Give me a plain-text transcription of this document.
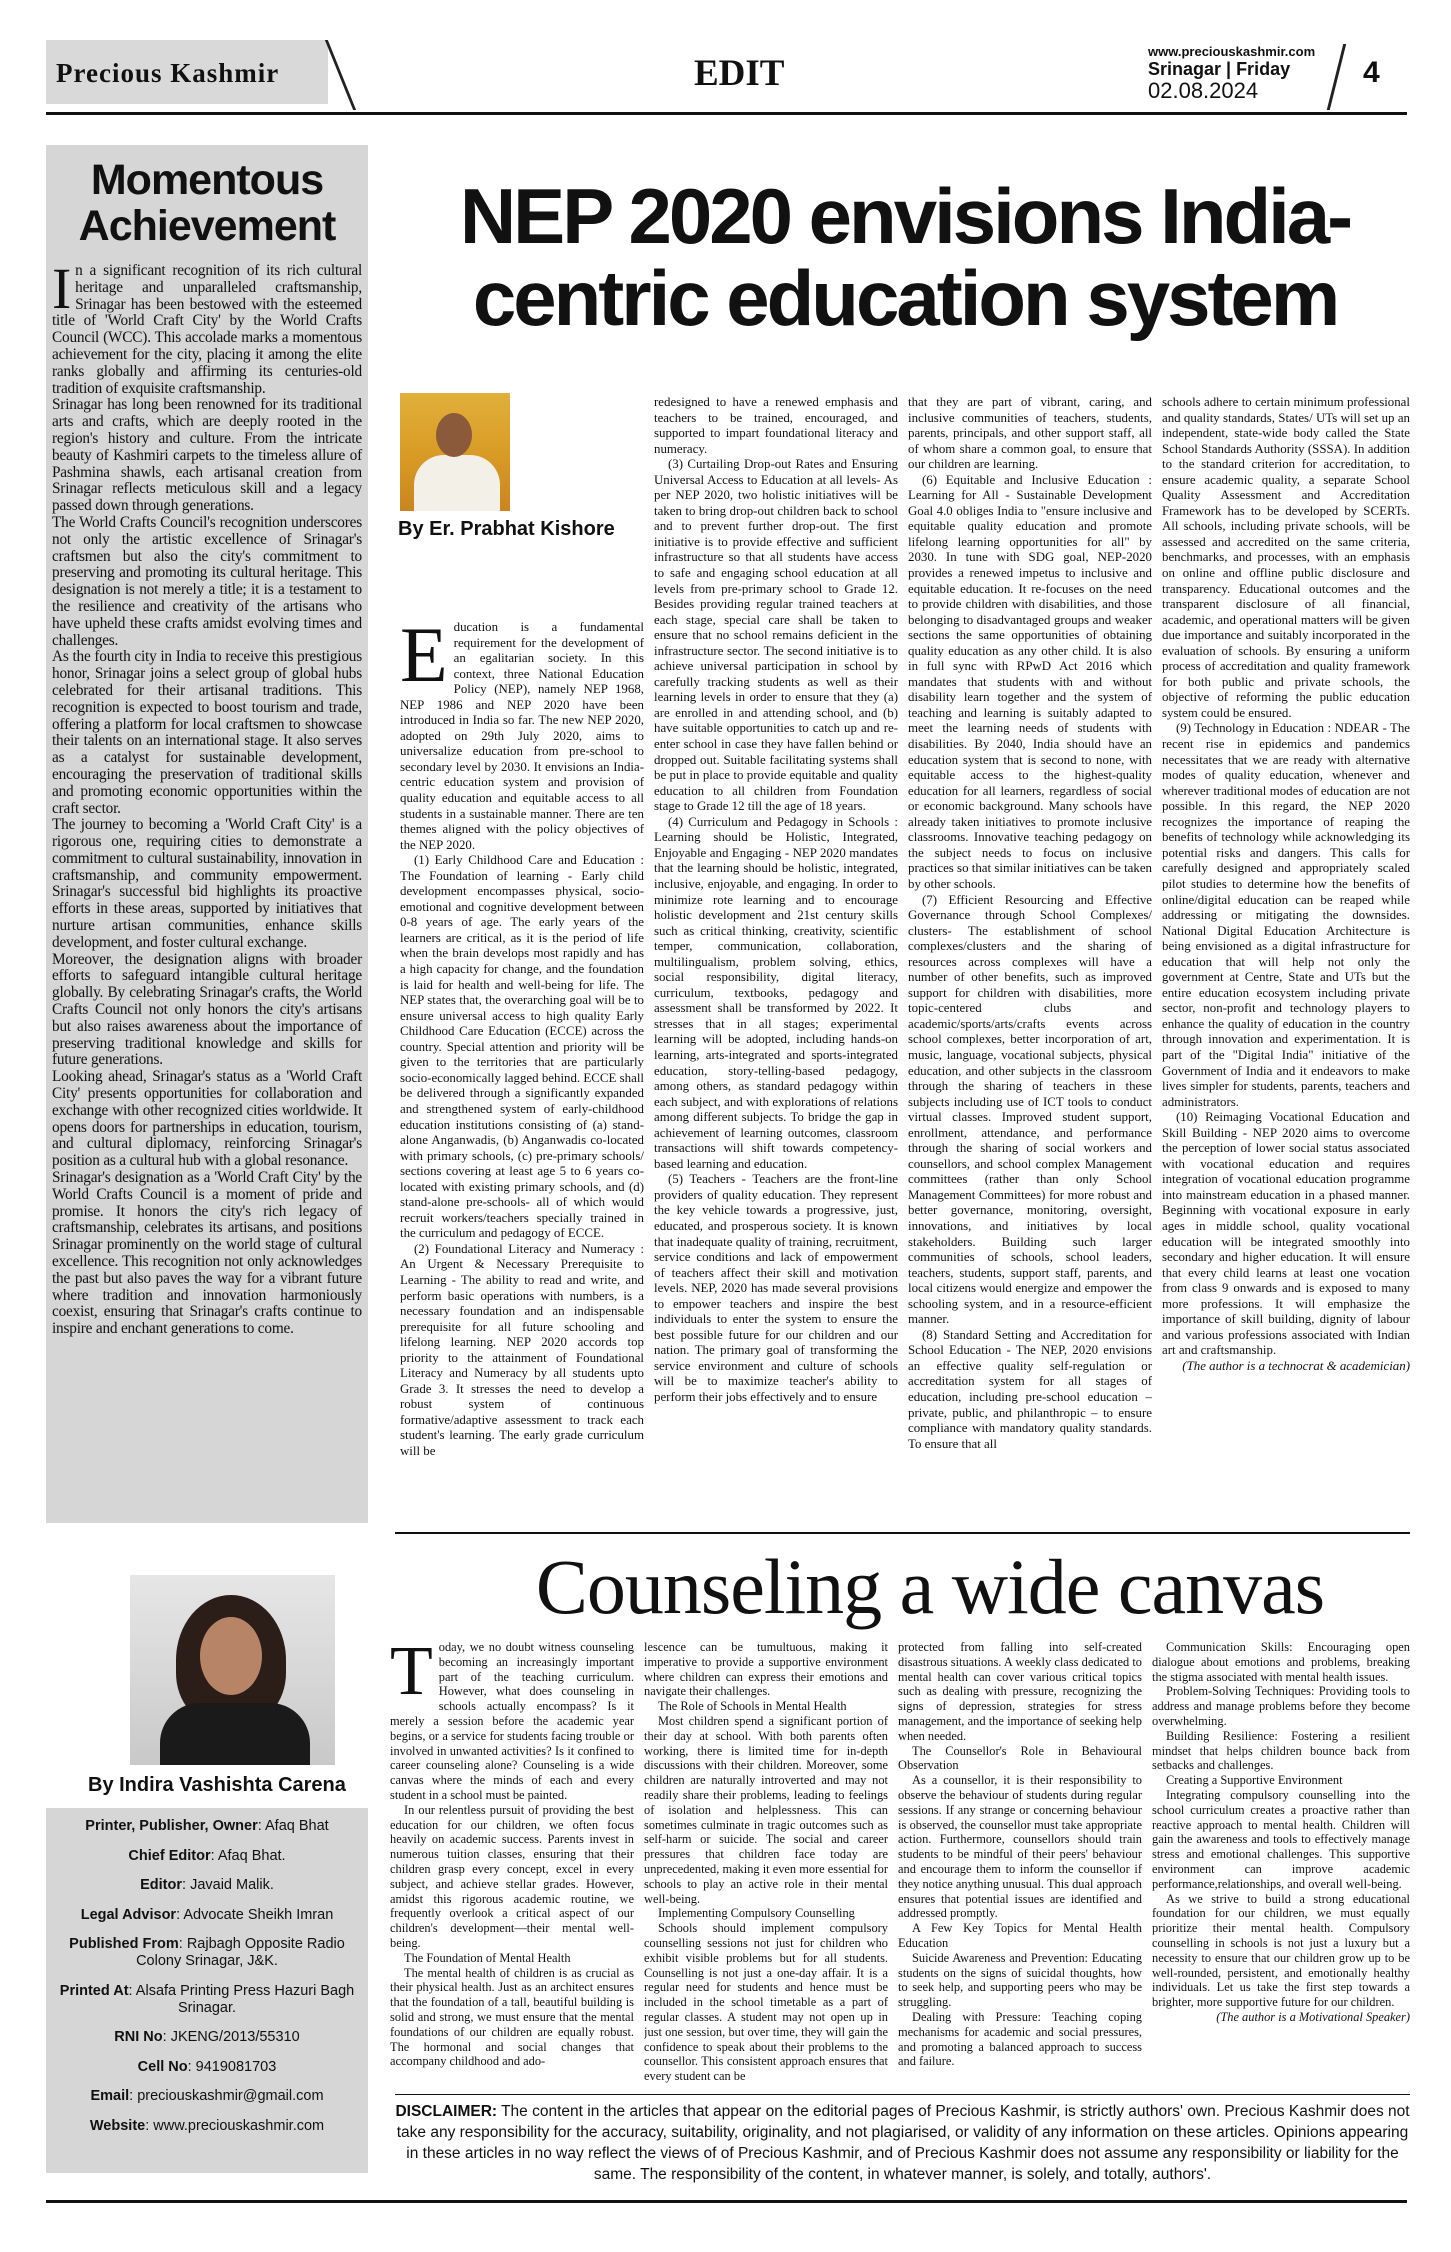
Precious Kashmir	EDIT
www.preciouskashmir.com
Srinagar | Friday
02.08.2024
4
Momentous
Achievement

In a significant recognition of its rich cultural heritage and unparalleled craftsmanship, Srinagar has been bestowed with the esteemed title of 'World Craft City' by the World Crafts Council (WCC). This accolade marks a momentous achievement for the city, placing it among the elite ranks globally and affirming its centuries-old tradition of exquisite craftsmanship.

Srinagar has long been renowned for its traditional arts and crafts, which are deeply rooted in the region's history and culture. From the intricate beauty of Kashmiri carpets to the timeless allure of Pashmina shawls, each artisanal creation from Srinagar reflects meticulous skill and a legacy passed down through generations.

The World Crafts Council's recognition underscores not only the artistic excellence of Srinagar's craftsmen but also the city's commitment to preserving and promoting its cultural heritage. This designation is not merely a title; it is a testament to the resilience and creativity of the artisans who have upheld these crafts amidst evolving times and challenges.

As the fourth city in India to receive this prestigious honor, Srinagar joins a select group of global hubs celebrated for their artisanal traditions. This recognition is expected to boost tourism and trade, offering a platform for local craftsmen to showcase their talents on an international stage. It also serves as a catalyst for sustainable development, encouraging the preservation of traditional skills and promoting economic opportunities within the craft sector.

The journey to becoming a 'World Craft City' is a rigorous one, requiring cities to demonstrate a commitment to cultural sustainability, innovation in craftsmanship, and community empowerment. Srinagar's successful bid highlights its proactive efforts in these areas, supported by initiatives that nurture artisan communities, enhance skills development, and foster cultural exchange.

Moreover, the designation aligns with broader efforts to safeguard intangible cultural heritage globally. By celebrating Srinagar's crafts, the World Crafts Council not only honors the city's artisans but also raises awareness about the importance of preserving traditional knowledge and skills for future generations.

Looking ahead, Srinagar's status as a 'World Craft City' presents opportunities for collaboration and exchange with other recognized cities worldwide. It opens doors for partnerships in education, tourism, and cultural diplomacy, reinforcing Srinagar's position as a cultural hub with a global resonance.

Srinagar's designation as a 'World Craft City' by the World Crafts Council is a moment of pride and promise. It honors the city's rich legacy of craftsmanship, celebrates its artisans, and positions Srinagar prominently on the world stage of cultural excellence. This recognition not only acknowledges the past but also paves the way for a vibrant future where tradition and innovation harmoniously coexist, ensuring that Srinagar's crafts continue to inspire and enchant generations to come.

NEP 2020 envisions India-
centric education system
By Er. Prabhat Kishore

Education is a fundamental requirement for the development of an egalitarian society. In this context, three National Education Policy (NEP), namely NEP 1968, NEP 1986 and NEP 2020 have been introduced in India so far. The new NEP 2020, adopted on 29th July 2020, aims to universalize education from pre-school to secondary level by 2030. It envisions an India-centric education system and provision of quality education and equitable access to all students in a sustainable manner. There are ten themes aligned with the policy objectives of the NEP 2020.

(1) Early Childhood Care and Education : The Foundation of learning - Early child development encompasses physical, socio-emotional and cognitive development between 0-8 years of age. The early years of the learners are critical, as it is the period of life when the brain develops most rapidly and has a high capacity for change, and the foundation is laid for health and well-being for life. The NEP states that, the overarching goal will be to ensure universal access to high quality Early Childhood Care Education (ECCE) across the country. Special attention and priority will be given to the territories that are particularly socio-economically lagged behind. ECCE shall be delivered through a significantly expanded and strengthened system of early-childhood education institutions consisting of (a) stand-alone Anganwadis, (b) Anganwadis co-located with primary schools, (c) pre-primary schools/ sections covering at least age 5 to 6 years co-located with existing primary schools, and (d) stand-alone pre-schools- all of which would recruit workers/teachers specially trained in the curriculum and pedagogy of ECCE.

(2) Foundational Literacy and Numeracy : An Urgent & Necessary Prerequisite to Learning - The ability to read and write, and perform basic operations with numbers, is a necessary foundation and an indispensable prerequisite for all future schooling and lifelong learning. NEP 2020 accords top priority to the attainment of Foundational Literacy and Numeracy by all students upto Grade 3. It stresses the need to develop a robust system of continuous formative/adaptive assessment to track each student's learning. The early grade curriculum will be

redesigned to have a renewed emphasis and teachers to be trained, encouraged, and supported to impart foundational literacy and numeracy.

(3) Curtailing Drop-out Rates and Ensuring Universal Access to Education at all levels- As per NEP 2020, two holistic initiatives will be taken to bring drop-out children back to school and to prevent further drop-out. The first initiative is to provide effective and sufficient infrastructure so that all students have access to safe and engaging school education at all levels from pre-primary school to Grade 12. Besides providing regular trained teachers at each stage, special care shall be taken to ensure that no school remains deficient in the infrastructure sector. The second initiative is to achieve universal participation in school by carefully tracking students as well as their learning levels in order to ensure that they (a) are enrolled in and attending school, and (b) have suitable opportunities to catch up and re-enter school in case they have fallen behind or dropped out. Suitable facilitating systems shall be put in place to provide equitable and quality education to all children from Foundation stage to Grade 12 till the age of 18 years.

(4) Curriculum and Pedagogy in Schools : Learning should be Holistic, Integrated, Enjoyable and Engaging - NEP 2020 mandates that the learning should be holistic, integrated, inclusive, enjoyable, and engaging. In order to minimize rote learning and to encourage holistic development and 21st century skills such as critical thinking, creativity, scientific temper, communication, collaboration, multilingualism, problem solving, ethics, social responsibility, digital literacy, curriculum, textbooks, pedagogy and assessment shall be transformed by 2022. It stresses that in all stages; experimental learning will be adopted, including hands-on learning, arts-integrated and sports-integrated education, story-telling-based pedagogy, among others, as standard pedagogy within each subject, and with explorations of relations among different subjects. To bridge the gap in achievement of learning outcomes, classroom transactions will shift towards competency-based learning and education.

(5) Teachers - Teachers are the front-line providers of quality education. They represent the key vehicle towards a progressive, just, educated, and prosperous society. It is known that inadequate quality of training, recruitment, service conditions and lack of empowerment of teachers affect their skill and motivation levels. NEP, 2020 has made several provisions to empower teachers and inspire the best individuals to enter the system to ensure the best possible future for our children and our nation. The primary goal of transforming the service environment and culture of schools will be to maximize teacher's ability to perform their jobs effectively and to ensure

that they are part of vibrant, caring, and inclusive communities of teachers, students, parents, principals, and other support staff, all of whom share a common goal, to ensure that our children are learning.

(6) Equitable and Inclusive Education : Learning for All - Sustainable Development Goal 4.0 obliges India to "ensure inclusive and equitable quality education and promote lifelong learning opportunities for all" by 2030. In tune with SDG goal, NEP-2020 provides a renewed impetus to inclusive and equitable education. It re-focuses on the need to provide children with disabilities, and those belonging to disadvantaged groups and weaker sections the same opportunities of obtaining quality education as any other child. It is also in full sync with RPwD Act 2016 which mandates that students with and without disability learn together and the system of teaching and learning is suitably adapted to meet the learning needs of students with disabilities. By 2040, India should have an education system that is second to none, with equitable access to the highest-quality education for all learners, regardless of social or economic background. Many schools have already taken initiatives to promote inclusive classrooms. Innovative teaching pedagogy on the subject needs to focus on inclusive practices so that similar initiatives can be taken by other schools.

(7) Efficient Resourcing and Effective Governance through School Complexes/ clusters- The establishment of school complexes/clusters and the sharing of resources across complexes will have a number of other benefits, such as improved support for children with disabilities, more topic-centered clubs and academic/sports/arts/crafts events across school complexes, better incorporation of art, music, language, vocational subjects, physical education, and other subjects in the classroom through the sharing of teachers in these subjects including use of ICT tools to conduct virtual classes. Improved student support, enrollment, attendance, and performance through the sharing of social workers and counsellors, and school complex Management committees (rather than only School Management Committees) for more robust and better governance, monitoring, oversight, innovations, and initiatives by local stakeholders. Building such larger communities of schools, school leaders, teachers, students, support staff, parents, and local citizens would energize and empower the schooling system, and in a resource-efficient manner.

(8) Standard Setting and Accreditation for School Education - The NEP, 2020 envisions an effective quality self-regulation or accreditation system for all stages of education, including pre-school education – private, public, and philanthropic – to ensure compliance with mandatory quality standards. To ensure that all

schools adhere to certain minimum professional and quality standards, States/ UTs will set up an independent, state-wide body called the State School Standards Authority (SSSA). In addition to the standard criterion for accreditation, to ensure academic quality, a separate School Quality Assessment and Accreditation Framework has to be developed by SCERTs. All schools, including private schools, will be assessed and accredited on the same criteria, benchmarks, and processes, with an emphasis on online and offline public disclosure and transparency. Educational outcomes and the transparent disclosure of all financial, academic, and operational matters will be given due importance and suitably incorporated in the evaluation of schools. By ensuring a uniform process of accreditation and quality framework for both public and private schools, the objective of reforming the public education system could be ensured.

(9) Technology in Education : NDEAR - The recent rise in epidemics and pandemics necessitates that we are ready with alternative modes of quality education, whenever and wherever traditional modes of education are not possible. In this regard, the NEP 2020 recognizes the importance of reaping the benefits of technology while acknowledging its potential risks and dangers. This calls for carefully designed and appropriately scaled pilot studies to determine how the benefits of online/digital education can be reaped while addressing or mitigating the downsides. National Digital Education Architecture is being envisioned as a digital infrastructure for education that will help not only the government at Centre, State and UTs but the entire education ecosystem including private sector, non-profit and technology players to enhance the quality of education in the country through innovation and experimentation. It is part of the "Digital India" initiative of the Government of India and it endeavors to make lives simpler for students, parents, teachers and administrators.

(10) Reimaging Vocational Education and Skill Building - NEP 2020 aims to overcome the perception of lower social status associated with vocational education and requires integration of vocational education programme into mainstream education in a phased manner. Beginning with vocational exposure in early ages in middle school, quality vocational education will be integrated smoothly into secondary and higher education. It will ensure that every child learns at least one vocation from class 9 onwards and is exposed to many more professions. It will emphasize the importance of skill building, dignity of labour and various professions associated with Indian art and craftsmanship.

(The author is a technocrat & academician)

Counseling a wide canvas
By Indira Vashishta Carena

Today, we no doubt witness counseling becoming an increasingly important part of the teaching curriculum. However, what does counseling in schools actually encompass? Is it merely a session before the academic year begins, or a service for students facing trouble or involved in unwanted activities? Is it confined to career counseling alone? Counseling is a wide canvas where the minds of each and every student in a school must be painted.

In our relentless pursuit of providing the best education for our children, we often focus heavily on academic success. Parents invest in numerous tuition classes, ensuring that their children grasp every concept, excel in every subject, and achieve stellar grades. However, amidst this rigorous academic routine, we frequently overlook a critical aspect of our children's development—their mental well-being.

The Foundation of Mental Health

The mental health of children is as crucial as their physical health. Just as an architect ensures that the foundation of a tall, beautiful building is solid and strong, we must ensure that the mental foundations of our children are equally robust. The hormonal and social changes that accompany childhood and ado-

lescence can be tumultuous, making it imperative to provide a supportive environment where children can express their emotions and navigate their challenges.

The Role of Schools in Mental Health

Most children spend a significant portion of their day at school. With both parents often working, there is limited time for in-depth discussions with their children. Moreover, some children are naturally introverted and may not readily share their problems, leading to feelings of isolation and helplessness. This can sometimes culminate in tragic outcomes such as self-harm or suicide. The social and career pressures that children face today are unprecedented, making it even more essential for schools to play an active role in their mental well-being.

Implementing Compulsory Counselling

Schools should implement compulsory counselling sessions not just for children who exhibit visible problems but for all students. Counselling is not just a one-day affair. It is a regular need for students and hence must be included in the school timetable as a part of regular classes. A student may not open up in just one session, but over time, they will gain the confidence to speak about their problems to the counsellor. This consistent approach ensures that every student can be

protected from falling into self-created disastrous situations. A weekly class dedicated to mental health can cover various critical topics such as dealing with pressure, recognizing the signs of depression, strategies for stress management, and the importance of seeking help when needed.

The Counsellor's Role in Behavioural Observation

As a counsellor, it is their responsibility to observe the behaviour of students during regular sessions. If any strange or concerning behaviour is observed, the counsellor must take appropriate action. Furthermore, counsellors should train students to be mindful of their peers' behaviour and encourage them to inform the counsellor if they notice anything unusual. This dual approach ensures that potential issues are identified and addressed promptly.

A Few Key Topics for Mental Health Education

Suicide Awareness and Prevention: Educating students on the signs of suicidal thoughts, how to seek help, and supporting peers who may be struggling.

Dealing with Pressure: Teaching coping mechanisms for academic and social pressures, and promoting a balanced approach to success and failure.

Communication Skills: Encouraging open dialogue about emotions and problems, breaking the stigma associated with mental health issues.

Problem-Solving Techniques: Providing tools to address and manage problems before they become overwhelming.

Building Resilience: Fostering a resilient mindset that helps children bounce back from setbacks and challenges.

Creating a Supportive Environment

Integrating compulsory counselling into the school curriculum creates a proactive rather than reactive approach to mental health. Children will gain the awareness and tools to effectively manage stress and emotional challenges. This supportive environment can improve academic performance,relationships, and overall well-being.

As we strive to build a strong educational foundation for our children, we must equally prioritize their mental health. Compulsory counselling in schools is not just a luxury but a necessity to ensure that our children grow up to be well-rounded, persistent, and emotionally healthy individuals. Let us take the first step towards a brighter, more supportive future for our children.

(The author is a Motivational Speaker)

Printer, Publisher, Owner: Afaq Bhat
Chief Editor: Afaq Bhat.
Editor: Javaid Malik.
Legal Advisor: Advocate Sheikh Imran
Published From: Rajbagh Opposite Radio Colony Srinagar, J&K.
Printed At: Alsafa Printing Press Hazuri Bagh Srinagar.
RNI No: JKENG/2013/55310
Cell No: 9419081703
Email: preciouskashmir@gmail.com
Website: www.preciouskashmir.com
DISCLAIMER: The content in the articles that appear on the editorial pages of Precious Kashmir, is strictly authors' own. Precious Kashmir does not take any responsibility for the accuracy, suitability, originality, and not plagiarised, or validity of any information on these articles. Opinions appearing in these articles in no way reflect the views of of Precious Kashmir, and of Precious Kashmir does not assume any responsibility or liability for the same. The responsibility of the content, in whatever manner, is solely, and totally, authors'.
